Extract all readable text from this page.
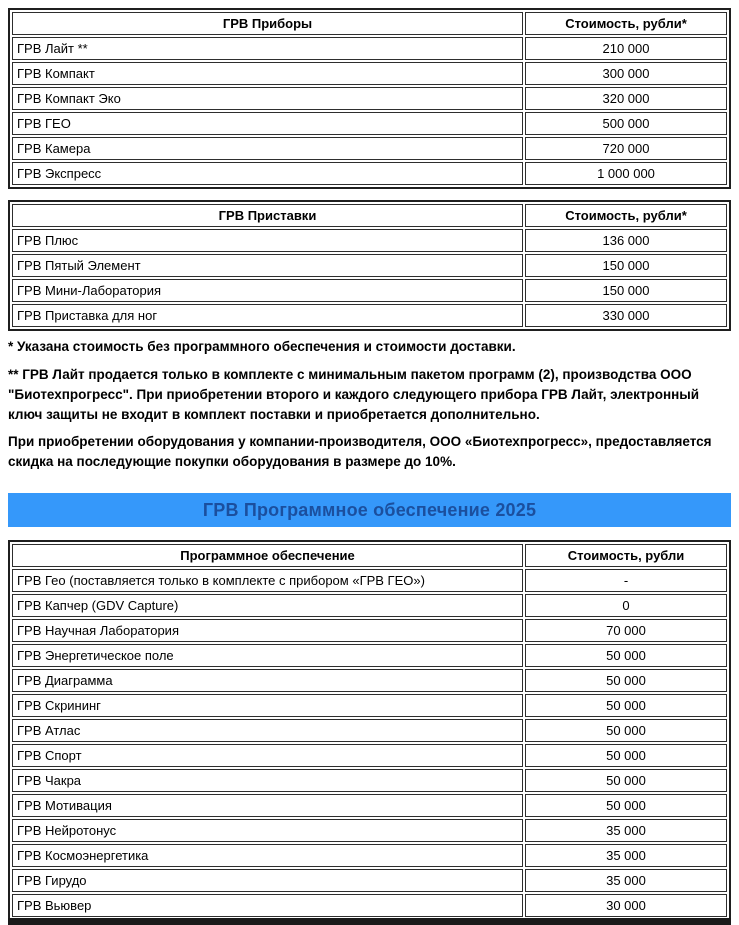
ГРВ Приборы	Стоимость, рубли*
ГРВ Лайт **	210 000
ГРВ Компакт	300 000
ГРВ Компакт Эко	320 000
ГРВ ГЕО	500 000
ГРВ Камера	720 000
ГРВ Экспресс	1 000 000
ГРВ Приставки	Стоимость, рубли*
ГРВ Плюс	136 000
ГРВ Пятый Элемент	150 000
ГРВ Мини-Лаборатория	150 000
ГРВ Приставка для ног	330 000

* Указана стоимость без программного обеспечения и стоимости доставки.

** ГРВ Лайт продается только в комплекте с минимальным пакетом программ (2), производства ООО "Биотехпрогресс". При приобретении второго и каждого следующего прибора ГРВ Лайт, электронный ключ защиты не входит в комплект поставки и приобретается дополнительно.

При приобретении оборудования у компании-производителя, ООО «Биотехпрогресс», предоставляется скидка на последующие покупки оборудования в размере до 10%.

ГРВ Программное обеспечение 2025
Программное обеспечение	Стоимость, рубли
ГРВ Гео (поставляется только в комплекте с прибором «ГРВ ГЕО»)	-
ГРВ Капчер (GDV Capture)	0
ГРВ Научная Лаборатория	70 000
ГРВ Энергетическое поле	50 000
ГРВ Диаграмма	50 000
ГРВ Скрининг	50 000
ГРВ Атлас	50 000
ГРВ Спорт	50 000
ГРВ Чакра	50 000
ГРВ Мотивация	50 000
ГРВ Нейротонус	35 000
ГРВ Космоэнергетика	35 000
ГРВ Гирудо	35 000
ГРВ Вьювер	30 000
